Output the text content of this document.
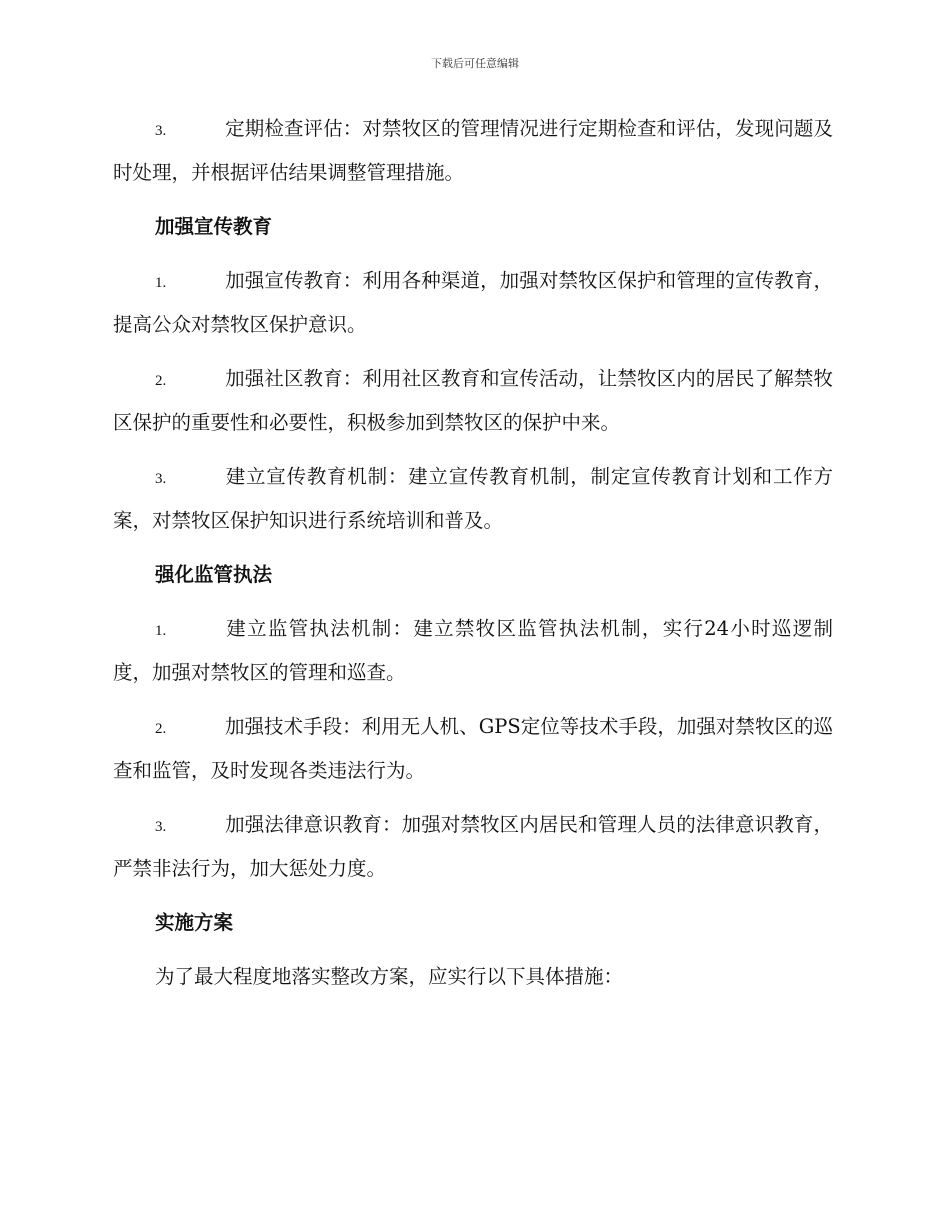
下载后可任意编辑

3.	定期检查评估：对禁牧区的管理情况进行定期检查和评估，发现问题及时处理，并根据评估结果调整管理措施。

加强宣传教育

1.	加强宣传教育：利用各种渠道，加强对禁牧区保护和管理的宣传教育，提高公众对禁牧区保护意识。

2.	加强社区教育：利用社区教育和宣传活动，让禁牧区内的居民了解禁牧区保护的重要性和必要性，积极参加到禁牧区的保护中来。

3.	建立宣传教育机制：建立宣传教育机制，制定宣传教育计划和工作方案，对禁牧区保护知识进行系统培训和普及。

强化监管执法

1.	建立监管执法机制：建立禁牧区监管执法机制，实行24小时巡逻制度，加强对禁牧区的管理和巡查。

2.	加强技术手段：利用无人机、GPS定位等技术手段，加强对禁牧区的巡查和监管，及时发现各类违法行为。

3.	加强法律意识教育：加强对禁牧区内居民和管理人员的法律意识教育，严禁非法行为，加大惩处力度。

实施方案

为了最大程度地落实整改方案，应实行以下具体措施：
